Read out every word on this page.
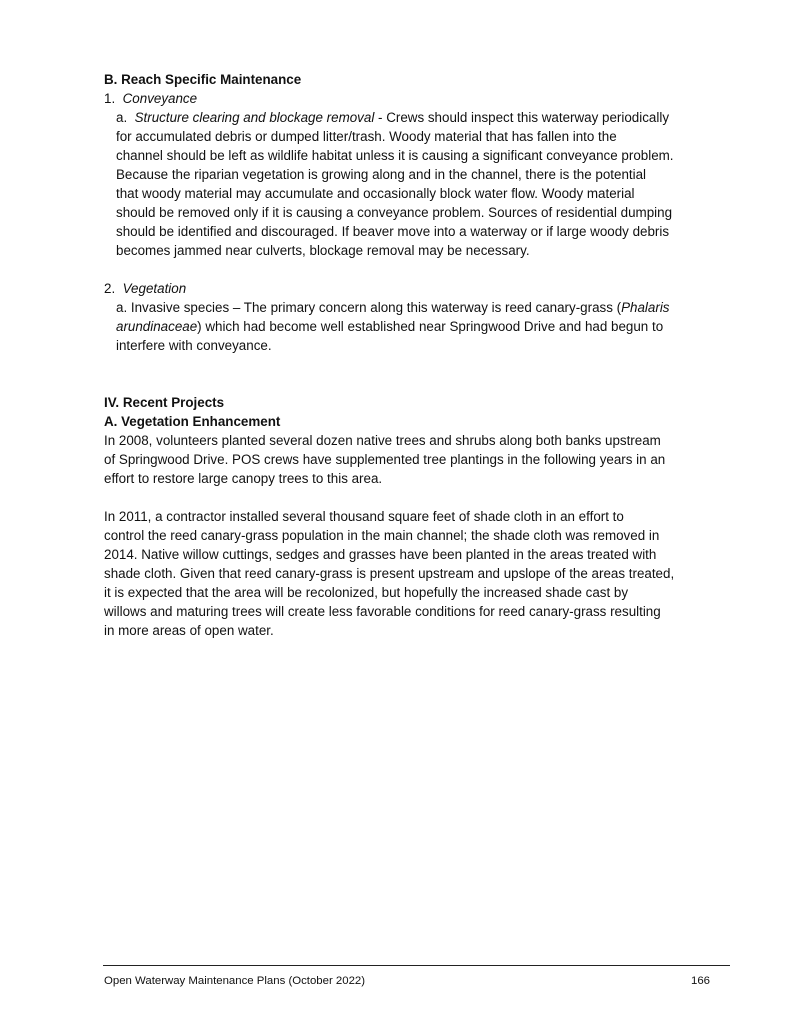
B. Reach Specific Maintenance

1. Conveyance

a. Structure clearing and blockage removal - Crews should inspect this waterway periodically

for accumulated debris or dumped litter/trash. Woody material that has fallen into the

channel should be left as wildlife habitat unless it is causing a significant conveyance problem.

Because the riparian vegetation is growing along and in the channel, there is the potential

that woody material may accumulate and occasionally block water flow. Woody material

should be removed only if it is causing a conveyance problem. Sources of residential dumping

should be identified and discouraged. If beaver move into a waterway or if large woody debris

becomes jammed near culverts, blockage removal may be necessary.

2. Vegetation

a. Invasive species – The primary concern along this waterway is reed canary-grass (Phalaris

arundinaceae) which had become well established near Springwood Drive and had begun to

interfere with conveyance.

IV. Recent Projects

A. Vegetation Enhancement

In 2008, volunteers planted several dozen native trees and shrubs along both banks upstream

of Springwood Drive. POS crews have supplemented tree plantings in the following years in an

effort to restore large canopy trees to this area.

In 2011, a contractor installed several thousand square feet of shade cloth in an effort to

control the reed canary-grass population in the main channel; the shade cloth was removed in

2014. Native willow cuttings, sedges and grasses have been planted in the areas treated with

shade cloth. Given that reed canary-grass is present upstream and upslope of the areas treated,

it is expected that the area will be recolonized, but hopefully the increased shade cast by

willows and maturing trees will create less favorable conditions for reed canary-grass resulting

in more areas of open water.

Open Waterway Maintenance Plans (October 2022)	166
